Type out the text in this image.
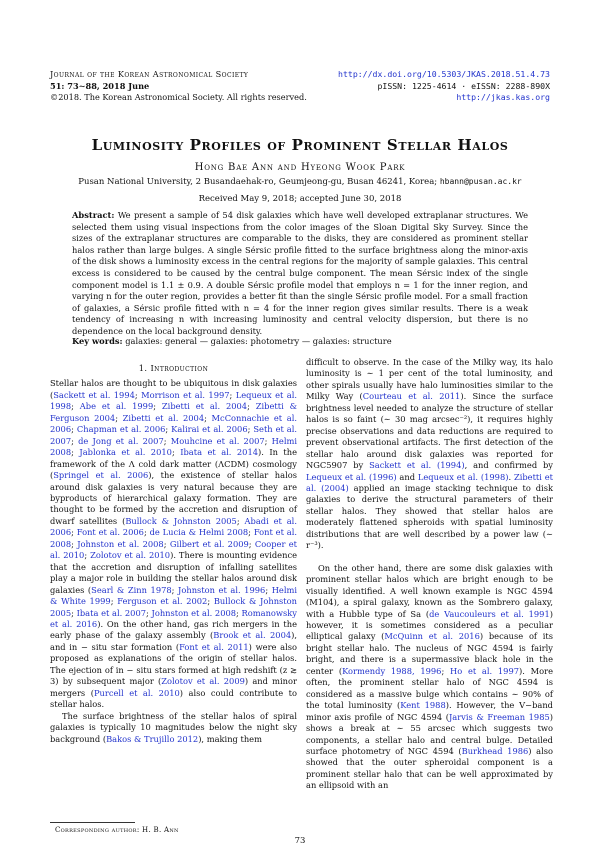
Journal of the Korean Astronomical Society
51: 73∼88, 2018 June
©2018. The Korean Astronomical Society. All rights reserved.
http://dx.doi.org/10.5303/JKAS.2018.51.4.73
pISSN: 1225-4614 · eISSN: 2288-890X
http://jkas.kas.org
Luminosity Profiles of Prominent Stellar Halos
Hong Bae Ann and Hyeong Wook Park
Pusan National University, 2 Busandaehak-ro, Geumjeong-gu, Busan 46241, Korea; hbann@pusan.ac.kr
Received May 9, 2018; accepted June 30, 2018
Abstract: We present a sample of 54 disk galaxies which have well developed extraplanar structures. We selected them using visual inspections from the color images of the Sloan Digital Sky Survey. Since the sizes of the extraplanar structures are comparable to the disks, they are considered as prominent stellar halos rather than large bulges. A single Sérsic profile fitted to the surface brightness along the minor-axis of the disk shows a luminosity excess in the central regions for the majority of sample galaxies. This central excess is considered to be caused by the central bulge component. The mean Sérsic index of the single component model is 1.1 ± 0.9. A double Sérsic profile model that employs n = 1 for the inner region, and varying n for the outer region, provides a better fit than the single Sérsic profile model. For a small fraction of galaxies, a Sérsic profile fitted with n = 4 for the inner region gives similar results. There is a weak tendency of increasing n with increasing luminosity and central velocity dispersion, but there is no dependence on the local background density.
Key words: galaxies: general — galaxies: photometry — galaxies: structure
1. Introduction

Stellar halos are thought to be ubiquitous in disk galaxies (Sackett et al. 1994; Morrison et al. 1997; Lequeux et al. 1998; Abe et al. 1999; Zibetti et al. 2004; Zibetti & Ferguson 2004; Zibetti et al. 2004; McConnachie et al. 2006; Chapman et al. 2006; Kalirai et al. 2006; Seth et al. 2007; de Jong et al. 2007; Mouhcine et al. 2007; Helmi 2008; Jablonka et al. 2010; Ibata et al. 2014). In the framework of the Λ cold dark matter (ΛCDM) cosmology (Springel et al. 2006), the existence of stellar halos around disk galaxies is very natural because they are byproducts of hierarchical galaxy formation. They are thought to be formed by the accretion and disruption of dwarf satellites (Bullock & Johnston 2005; Abadi et al. 2006; Font et al. 2006; de Lucia & Helmi 2008; Font et al. 2008; Johnston et al. 2008; Gilbert et al. 2009; Cooper et al. 2010; Zolotov et al. 2010). There is mounting evidence that the accretion and disruption of infalling satellites play a major role in building the stellar halos around disk galaxies (Searl & Zinn 1978; Johnston et al. 1996; Helmi & White 1999; Ferguson et al. 2002; Bullock & Johnston 2005; Ibata et al. 2007; Johnston et al. 2008; Romanowsky et al. 2016). On the other hand, gas rich mergers in the early phase of the galaxy assembly (Brook et al. 2004), and in − situ star formation (Font et al. 2011) were also proposed as explanations of the origin of stellar halos. The ejection of in − situ stars formed at high redshift (z ≳ 3) by subsequent major (Zolotov et al. 2009) and minor mergers (Purcell et al. 2010) also could contribute to stellar halos.

The surface brightness of the stellar halos of spiral galaxies is typically 10 magnitudes below the night sky background (Bakos & Trujillo 2012), making them

difficult to observe. In the case of the Milky way, its halo luminosity is ∼ 1 per cent of the total luminosity, and other spirals usually have halo luminosities similar to the Milky Way (Courteau et al. 2011). Since the surface brightness level needed to analyze the structure of stellar halos is so faint (∼ 30 mag arcsec⁻²), it requires highly precise observations and data reductions are required to prevent observational artifacts. The first detection of the stellar halo around disk galaxies was reported for NGC5907 by Sackett et al. (1994), and confirmed by Lequeux et al. (1996) and Lequeux et al. (1998). Zibetti et al. (2004) applied an image stacking technique to disk galaxies to derive the structural parameters of their stellar halos. They showed that stellar halos are moderately flattened spheroids with spatial luminosity distributions that are well described by a power law (∼ r⁻³).

On the other hand, there are some disk galaxies with prominent stellar halos which are bright enough to be visually identified. A well known example is NGC 4594 (M104), a spiral galaxy, known as the Sombrero galaxy, with a Hubble type of Sa (de Vaucouleurs et al. 1991) however, it is sometimes considered as a peculiar elliptical galaxy (McQuinn et al. 2016) because of its bright stellar halo. The nucleus of NGC 4594 is fairly bright, and there is a supermassive black hole in the center (Kormendy 1988, 1996; Ho et al. 1997). More often, the prominent stellar halo of NGC 4594 is considered as a massive bulge which contains ∼ 90% of the total luminosity (Kent 1988). However, the V−band minor axis profile of NGC 4594 (Jarvis & Freeman 1985) shows a break at ∼ 55 arcsec which suggests two components, a stellar halo and central bulge. Detailed surface photometry of NGC 4594 (Burkhead 1986) also showed that the outer spheroidal component is a prominent stellar halo that can be well approximated by an ellipsoid with an

Corresponding author: H. B. Ann
73
